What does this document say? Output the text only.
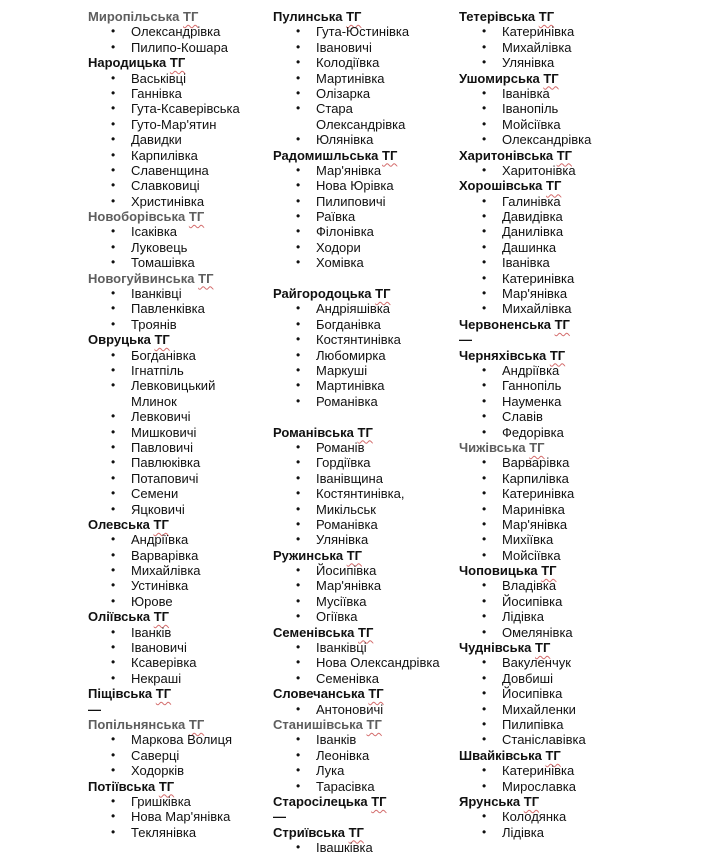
Миропільська ТГ
• Олександрівка
• Пилипо-Кошара
Народицька ТГ
• Васьківці
• Ганнівка
• Гута-Ксаверівська
• Гуто-Мар'ятин
• Давидки
• Карпилівка
• Славенщина
• Славковиці
• Христинівка
Новоборівська ТГ
• Ісаківка
• Луковець
• Томашівка
Новогуйвинська ТГ
• Іванківці
• Павленківка
• Троянів
Овруцька ТГ
• Богданівка
• Ігнатпіль
• Левковицький
Млинок
• Левковичі
• Мишковичі
• Павловичі
• Павлюківка
• Потаповичі
• Семени
• Яцковичі
Олевська ТГ
• Андріївка
• Варварівка
• Михайлівка
• Устинівка
• Юрове
Оліївська ТГ
• Іванків
• Івановичі
• Ксаверівка
• Некраші
Піщівська ТГ
—
Попільнянська ТГ
• Маркова Волиця
• Саверці
• Ходорків
Потіївська ТГ
• Гришківка
• Нова Мар'янівка
• Теклянівка
Пулинська ТГ
• Гута-Юстинівка
• Івановичі
• Колодіївка
• Мартинівка
• Олізарка
• Стара
Олександрівка
• Юлянівка
Радомишльська ТГ
• Мар'янівка
• Нова Юрівка
• Пилиповичі
• Раївка
• Філонівка
• Ходори
• Хомівка
Райгородоцька ТГ
• Андріяшівка
• Богданівка
• Костянтинівка
• Любомирка
• Маркуші
• Мартинівка
• Романівка
Романівська ТГ
• Романів
• Гордіївка
• Іванівщина
• Костянтинівка,
• Микільськ
• Романівка
• Улянівка
Ружинська ТГ
• Йосипівка
• Мар'янівка
• Мусіївка
• Огіївка
Семенівська ТГ
• Іванківці
• Нова Олександрівка
• Семенівка
Словечанська ТГ
• Антоновичі
Станишівська ТГ
• Іванків
• Леонівка
• Лука
• Тарасівка
Старосілецька ТГ
—
Стриївська ТГ
• Івашківка
Тетерівська ТГ
• Катеринівка
• Михайлівка
• Улянівка
Ушомирська ТГ
• Іванівка
• Іванопіль
• Мойсіївка
• Олександрівка
Харитонівська ТГ
• Харитонівка
Хорошівська ТГ
• Галинівка
• Давидівка
• Данилівка
• Дашинка
• Іванівка
• Катеринівка
• Мар'янівка
• Михайлівка
Червоненська ТГ
—
Черняхівська ТГ
• Андріївка
• Ганнопіль
• Науменка
• Славів
• Федорівка
Чижівська ТГ
• Варварівка
• Карпилівка
• Катеринівка
• Маринівка
• Мар'янівка
• Михіївка
• Мойсіївка
Чоповицька ТГ
• Владівка
• Йосипівка
• Лідівка
• Омелянівка
Чуднівська ТГ
• Вакуленчук
• Довбиші
• Йосипівка
• Михайленки
• Пилипівка
• Станіславівка
Швайківська ТГ
• Катеринівка
• Мирославка
Ярунська ТГ
• Колодянка
• Лідівка
